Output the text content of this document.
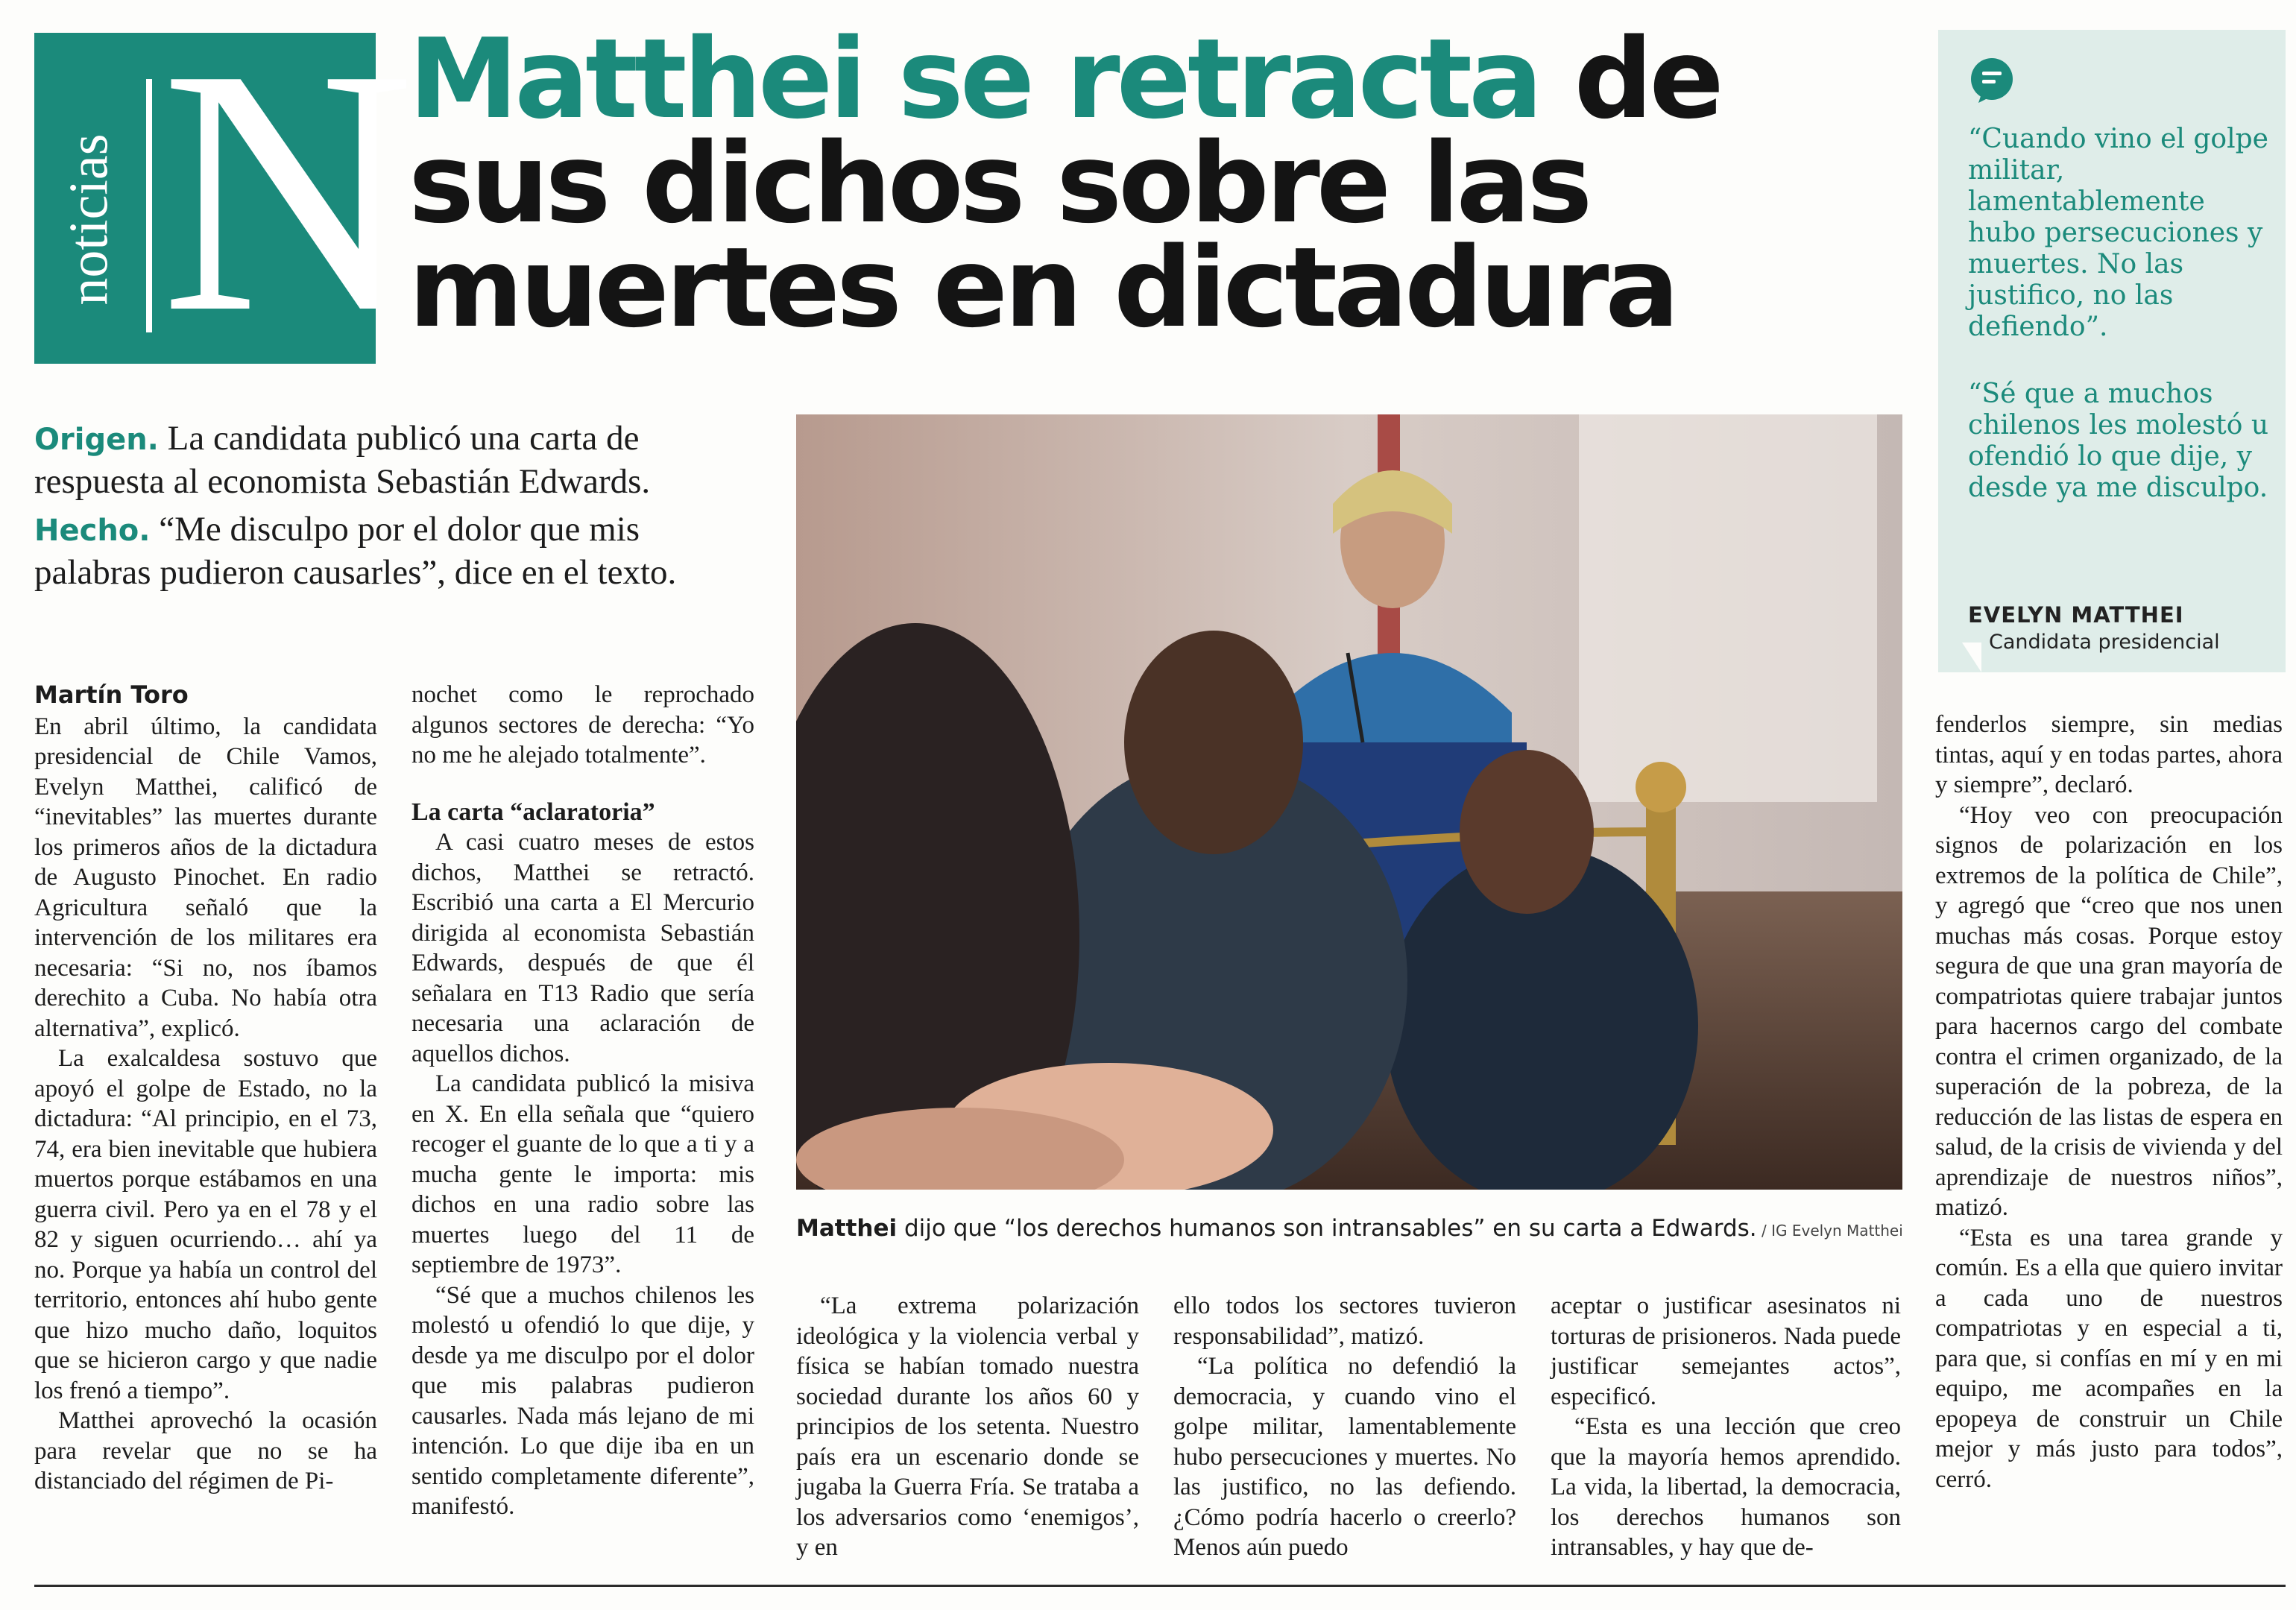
noticias N
Matthei se retracta de sus dichos sobre las muertes en dictadura

Origen. La candidata publicó una carta de respuesta al economista Sebastián Edwards.

Hecho. “Me disculpo por el dolor que mis palabras pudieron causarles”, dice en el texto.

Matthei dijo que “los derechos humanos son intransables” en su carta a Edwards. / IG Evelyn Matthei

“Cuando vino el golpe militar, lamentablemente hubo persecuciones y muertes. No las justifico, no las defiendo”.

“Sé que a muchos chilenos les molestó u ofendió lo que dije, y desde ya me disculpo.

EVELYN MATTHEI
Candidata presidencial

Martín Toro

En abril último, la candidata presidencial de Chile Vamos, Evelyn Matthei, calificó de “inevitables” las muertes durante los primeros años de la dictadura de Augusto Pinochet. En radio Agricultura señaló que la intervención de los militares era necesaria: “Si no, nos íbamos derechito a Cuba. No había otra alternativa”, explicó.

La exalcaldesa sostuvo que apoyó el golpe de Estado, no la dictadura: “Al principio, en el 73, 74, era bien inevitable que hubiera muertos porque estábamos en una guerra civil. Pero ya en el 78 y el 82 y siguen ocurriendo… ahí ya no. Porque ya había un control del territorio, entonces ahí hubo gente que hizo mucho daño, loquitos que se hicieron cargo y que nadie los frenó a tiempo”.

Matthei aprovechó la ocasión para revelar que no se ha distanciado del régimen de Pi-

nochet como le reprochado algunos sectores de derecha: “Yo no me he alejado totalmente”.

La carta “aclaratoria”

A casi cuatro meses de estos dichos, Matthei se retractó. Escribió una carta a El Mercurio dirigida al economista Sebastián Edwards, después de que él señalara en T13 Radio que sería necesaria una aclaración de aquellos dichos.

La candidata publicó la misiva en X. En ella señala que “quiero recoger el guante de lo que a ti y a mucha gente le importa: mis dichos en una radio sobre las muertes luego del 11 de septiembre de 1973”.

“Sé que a muchos chilenos les molestó u ofendió lo que dije, y desde ya me disculpo por el dolor que mis palabras pudieron causarles. Nada más lejano de mi intención. Lo que dije iba en un sentido completamente diferente”, manifestó.

“La extrema polarización ideológica y la violencia verbal y física se habían tomado nuestra sociedad durante los años 60 y principios de los setenta. Nuestro país era un escenario donde se jugaba la Guerra Fría. Se trataba a los adversarios como ‘enemigos’, y en

ello todos los sectores tuvieron responsabilidad”, matizó.

“La política no defendió la democracia, y cuando vino el golpe militar, lamentablemente hubo persecuciones y muertes. No las justifico, no las defiendo. ¿Cómo podría hacerlo o creerlo? Menos aún puedo

aceptar o justificar asesinatos ni torturas de prisioneros. Nada puede justificar semejantes actos”, especificó.

“Esta es una lección que creo que la mayoría hemos aprendido. La vida, la libertad, la democracia, los derechos humanos son intransables, y hay que de-

fenderlos siempre, sin medias tintas, aquí y en todas partes, ahora y siempre”, declaró.

“Hoy veo con preocupación signos de polarización en los extremos de la política de Chile”, y agregó que “creo que nos unen muchas más cosas. Porque estoy segura de que una gran mayoría de compatriotas quiere trabajar juntos para hacernos cargo del combate contra el crimen organizado, de la superación de la pobreza, de la reducción de las listas de espera en salud, de la crisis de vivienda y del aprendizaje de nuestros niños”, matizó.

“Esta es una tarea grande y común. Es a ella que quiero invitar a cada uno de nuestros compatriotas y en especial a ti, para que, si confías en mí y en mi equipo, me acompañes en la epopeya de construir un Chile mejor y más justo para todos”, cerró.
